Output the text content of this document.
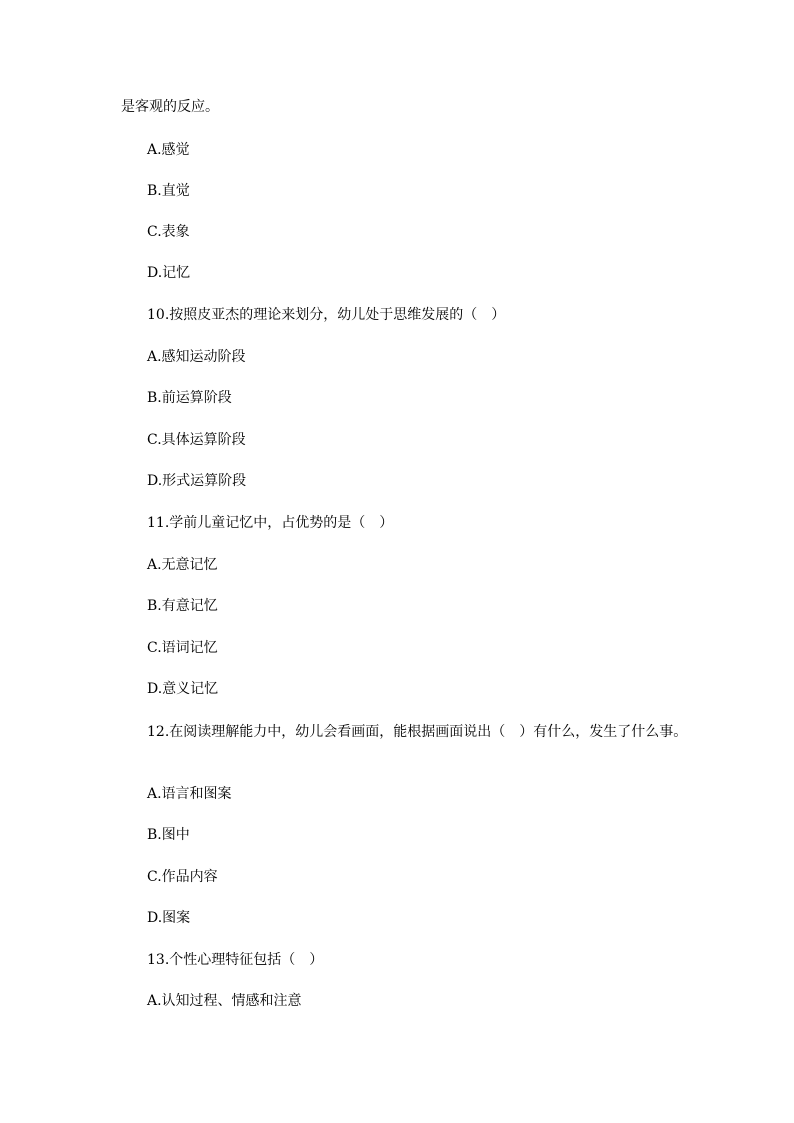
是客观的反应。
A.感觉
B.直觉
C.表象
D.记忆
10.按照皮亚杰的理论来划分，幼儿处于思维发展的（　）
A.感知运动阶段
B.前运算阶段
C.具体运算阶段
D.形式运算阶段
11.学前儿童记忆中，占优势的是（　）
A.无意记忆
B.有意记忆
C.语词记忆
D.意义记忆
12.在阅读理解能力中，幼儿会看画面，能根据画面说出（　）有什么，发生了什么事。
A.语言和图案
B.图中
C.作品内容
D.图案
13.个性心理特征包括（　）
A.认知过程、情感和注意
